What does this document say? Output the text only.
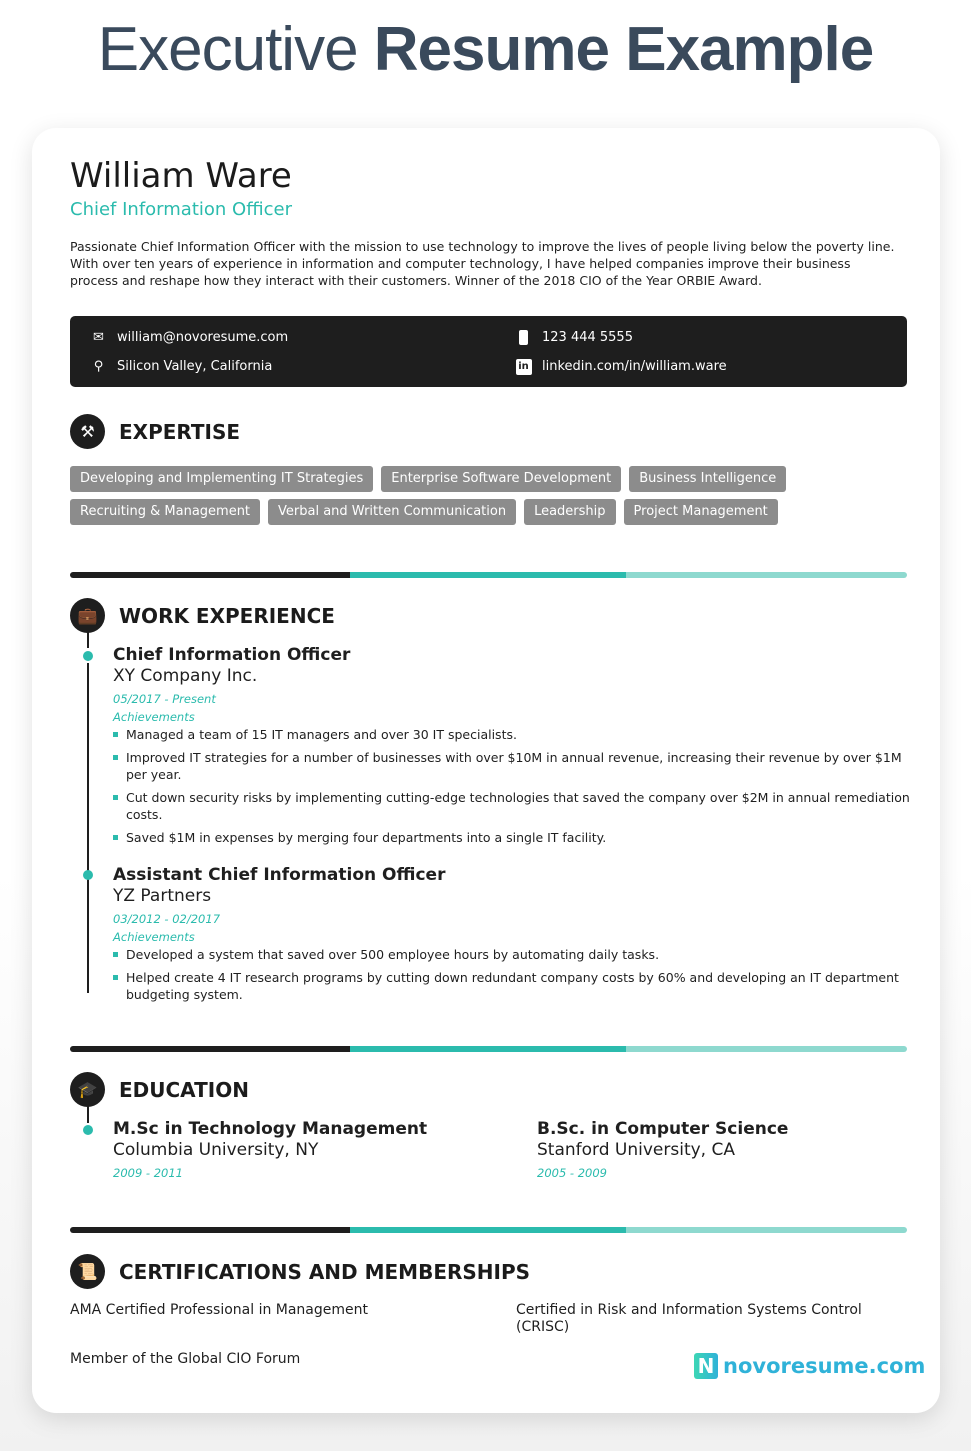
Executive Resume Example
William Ware
Chief Information Officer
Passionate Chief Information Officer with the mission to use technology to improve the lives of people living below the poverty line. With over ten years of experience in information and computer technology, I have helped companies improve their business process and reshape how they interact with their customers. Winner of the 2018 CIO of the Year ORBIE Award.
✉ william@novoresume.com	123 444 5555
⚲ Silicon Valley, California	in linkedin.com/in/william.ware
⚒	EXPERTISE
Developing and Implementing IT Strategies	Enterprise Software Development	Business Intelligence
Recruiting & Management	Verbal and Written Communication	Leadership	Project Management
💼	WORK EXPERIENCE
Chief Information Officer
XY Company Inc.
05/2017 - Present
Achievements
Managed a team of 15 IT managers and over 30 IT specialists.
Improved IT strategies for a number of businesses with over $10M in annual revenue, increasing their revenue by over $1M per year.
Cut down security risks by implementing cutting-edge technologies that saved the company over $2M in annual remediation costs.
Saved $1M in expenses by merging four departments into a single IT facility.
Assistant Chief Information Officer
YZ Partners
03/2012 - 02/2017
Achievements
Developed a system that saved over 500 employee hours by automating daily tasks.
Helped create 4 IT research programs by cutting down redundant company costs by 60% and developing an IT department budgeting system.
🎓	EDUCATION
M.Sc in Technology Management
Columbia University, NY
2009 - 2011
B.Sc. in Computer Science
Stanford University, CA
2005 - 2009
📜	CERTIFICATIONS AND MEMBERSHIPS
AMA Certified Professional in Management	Certified in Risk and Information Systems Control (CRISC)
Member of the Global CIO Forum	N novoresume.com
